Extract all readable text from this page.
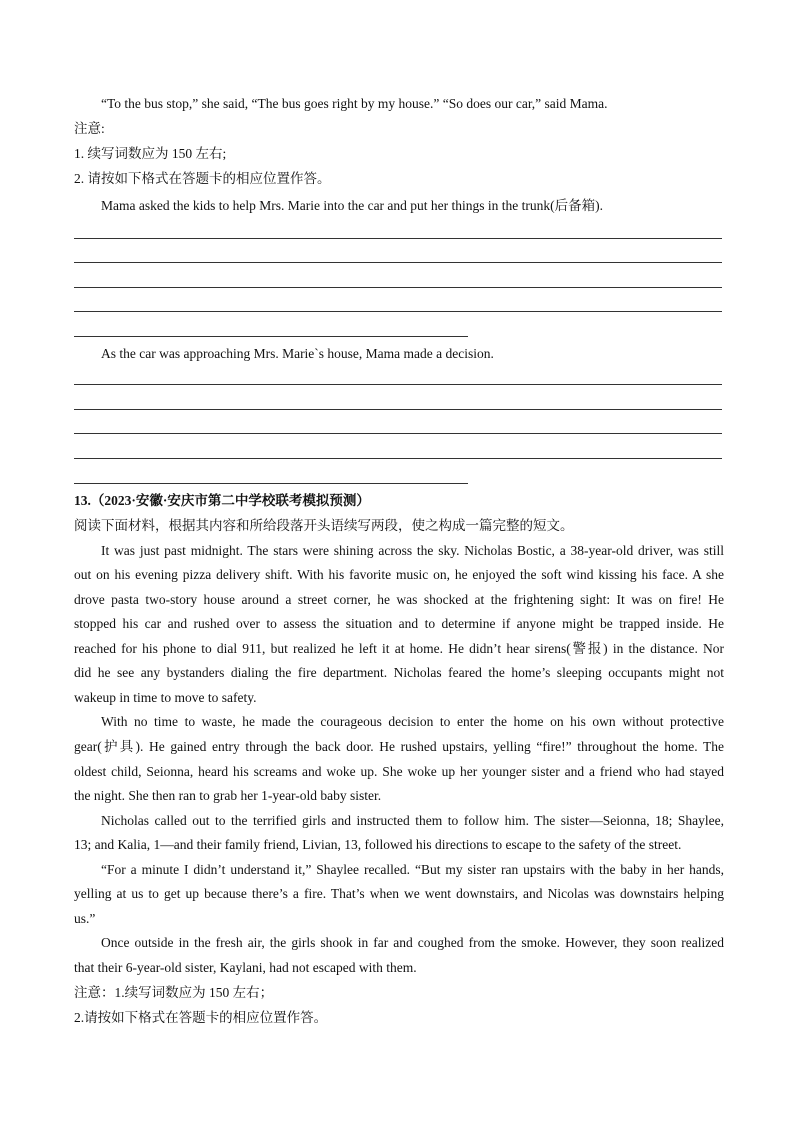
“To the bus stop,” she said, “The bus goes right by my house.” “So does our car,” said Mama.
注意:
1. 续写词数应为 150 左右;
2. 请按如下格式在答题卡的相应位置作答。
Mama asked the kids to help Mrs. Marie into the car and put her things in the trunk(后备箱).
As the car was approaching Mrs. Marie`s house, Mama made a decision.
13.（2023·安徽·安庆市第二中学校联考模拟预测）
阅读下面材料，根据其内容和所给段落开头语续写两段，使之构成一篇完整的短文。
It was just past midnight. The stars were shining across the sky. Nicholas Bostic, a 38-year-old driver, was still
out on his evening pizza delivery shift. With his favorite music on, he enjoyed the soft wind kissing his face. A she
drove pasta two-story house around a street corner, he was shocked at the frightening sight: It was on fire! He
stopped his car and rushed over to assess the situation and to determine if anyone might be trapped inside. He
reached for his phone to dial 911, but realized he left it at home. He didn’t hear sirens(警报) in the distance. Nor
did he see any bystanders dialing the fire department. Nicholas feared the home’s sleeping occupants might not
wakeup in time to move to safety.
With no time to waste, he made the courageous decision to enter the home on his own without protective
gear(护具). He gained entry through the back door. He rushed upstairs, yelling “fire!” throughout the home. The
oldest child, Seionna, heard his screams and woke up. She woke up her younger sister and a friend who had stayed
the night. She then ran to grab her 1-year-old baby sister.
Nicholas called out to the terrified girls and instructed them to follow him. The sister—Seionna, 18; Shaylee,
13; and Kalia, 1—and their family friend, Livian, 13, followed his directions to escape to the safety of the street.
“For a minute I didn’t understand it,” Shaylee recalled. “But my sister ran upstairs with the baby in her hands,
yelling at us to get up because there’s a fire. That’s when we went downstairs, and Nicolas was downstairs helping
us.”
Once outside in the fresh air, the girls shook in far and coughed from the smoke. However, they soon realized
that their 6-year-old sister, Kaylani, had not escaped with them.
注意：1.续写词数应为 150 左右；
2.请按如下格式在答题卡的相应位置作答。
